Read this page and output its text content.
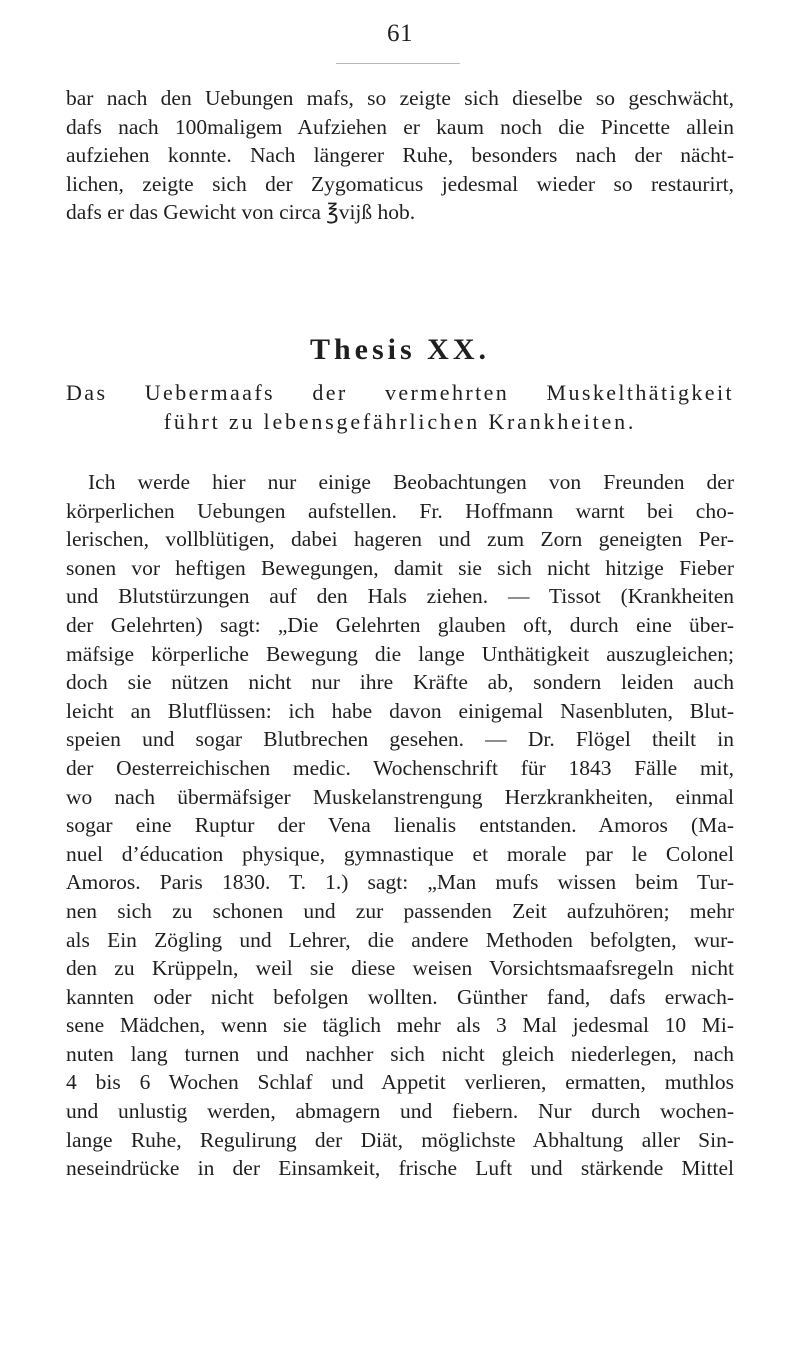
61
bar nach den Uebungen mafs, so zeigte sich dieselbe so geschwächt,
dafs nach 100maligem Aufziehen er kaum noch die Pincette allein
aufziehen konnte. Nach längerer Ruhe, besonders nach der nächt-
lichen, zeigte sich der Zygomaticus jedesmal wieder so restaurirt,
dafs er das Gewicht von circa ℥vijß hob.
Thesis XX.
Das Uebermaafs der vermehrten Muskelthätigkeit
führt zu lebensgefährlichen Krankheiten.
Ich werde hier nur einige Beobachtungen von Freunden der
körperlichen Uebungen aufstellen. Fr. Hoffmann warnt bei cho-
lerischen, vollblütigen, dabei hageren und zum Zorn geneigten Per-
sonen vor heftigen Bewegungen, damit sie sich nicht hitzige Fieber
und Blutstürzungen auf den Hals ziehen. — Tissot (Krankheiten
der Gelehrten) sagt: „Die Gelehrten glauben oft, durch eine über-
mäfsige körperliche Bewegung die lange Unthätigkeit auszugleichen;
doch sie nützen nicht nur ihre Kräfte ab, sondern leiden auch
leicht an Blutflüssen: ich habe davon einigemal Nasenbluten, Blut-
speien und sogar Blutbrechen gesehen. — Dr. Flögel theilt in
der Oesterreichischen medic. Wochenschrift für 1843 Fälle mit,
wo nach übermäfsiger Muskelanstrengung Herzkrankheiten, einmal
sogar eine Ruptur der Vena lienalis entstanden. Amoros (Ma-
nuel d’éducation physique, gymnastique et morale par le Colonel
Amoros. Paris 1830. T. 1.) sagt: „Man mufs wissen beim Tur-
nen sich zu schonen und zur passenden Zeit aufzuhören; mehr
als Ein Zögling und Lehrer, die andere Methoden befolgten, wur-
den zu Krüppeln, weil sie diese weisen Vorsichtsmaafsregeln nicht
kannten oder nicht befolgen wollten. Günther fand, dafs erwach-
sene Mädchen, wenn sie täglich mehr als 3 Mal jedesmal 10 Mi-
nuten lang turnen und nachher sich nicht gleich niederlegen, nach
4 bis 6 Wochen Schlaf und Appetit verlieren, ermatten, muthlos
und unlustig werden, abmagern und fiebern. Nur durch wochen-
lange Ruhe, Regulirung der Diät, möglichste Abhaltung aller Sin-
neseindrücke in der Einsamkeit, frische Luft und stärkende Mittel
